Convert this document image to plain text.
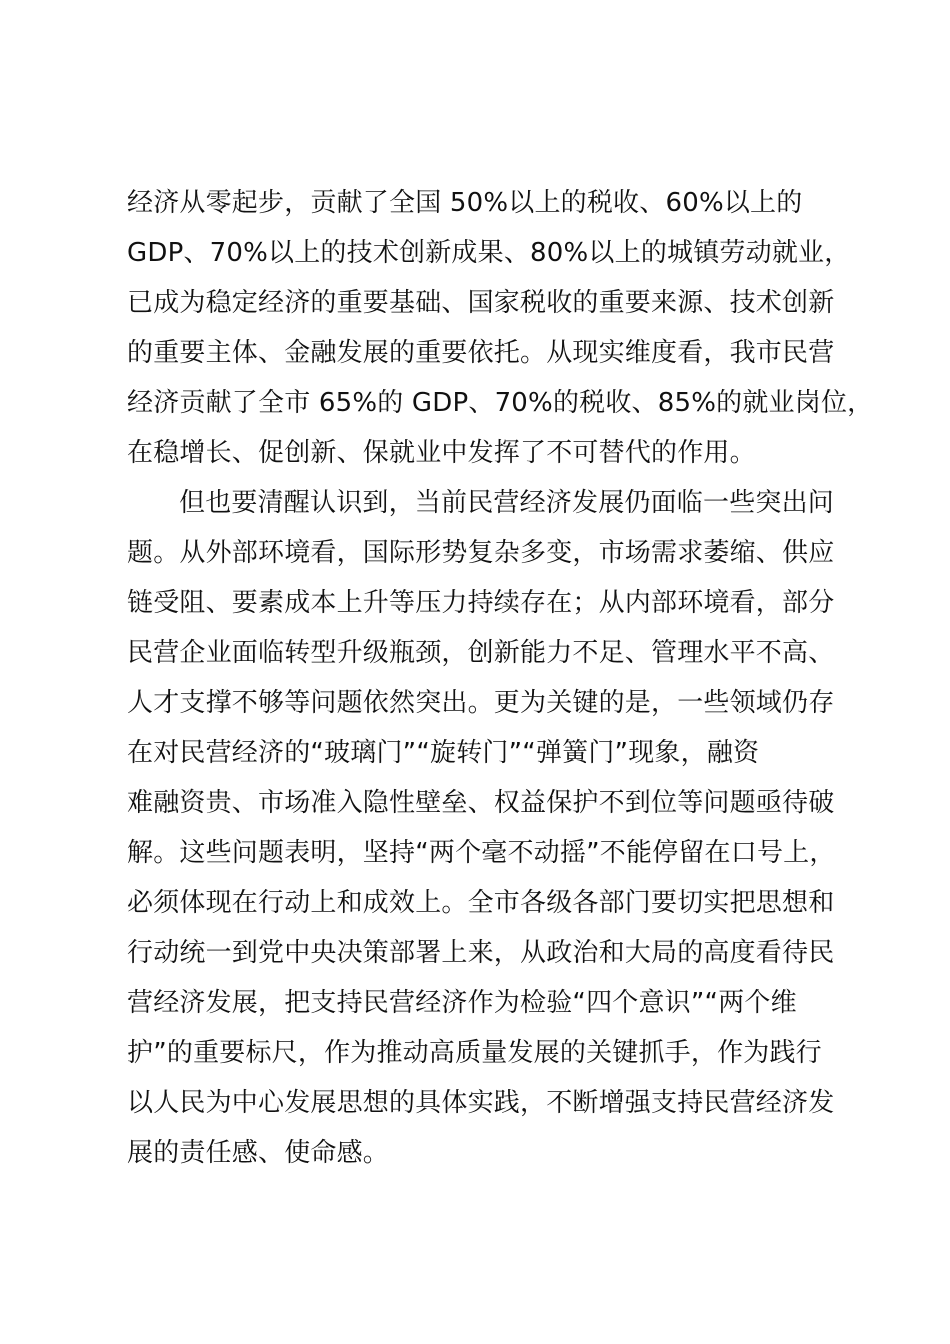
经济从零起步，贡献了全国 50%以上的税收、60%以上的
GDP、70%以上的技术创新成果、80%以上的城镇劳动就业，
已成为稳定经济的重要基础、国家税收的重要来源、技术创新
的重要主体、金融发展的重要依托。从现实维度看，我市民营
经济贡献了全市 65%的 GDP、70%的税收、85%的就业岗位，
在稳增长、促创新、保就业中发挥了不可替代的作用。
但也要清醒认识到，当前民营经济发展仍面临一些突出问
题。从外部环境看，国际形势复杂多变，市场需求萎缩、供应
链受阻、要素成本上升等压力持续存在；从内部环境看，部分
民营企业面临转型升级瓶颈，创新能力不足、管理水平不高、
人才支撑不够等问题依然突出。更为关键的是，一些领域仍存
在对民营经济的“玻璃门”“旋转门”“弹簧门”现象，融资
难融资贵、市场准入隐性壁垒、权益保护不到位等问题亟待破
解。这些问题表明，坚持“两个毫不动摇”不能停留在口号上，
必须体现在行动上和成效上。全市各级各部门要切实把思想和
行动统一到党中央决策部署上来，从政治和大局的高度看待民
营经济发展，把支持民营经济作为检验“四个意识”“两个维
护”的重要标尺，作为推动高质量发展的关键抓手，作为践行
以人民为中心发展思想的具体实践，不断增强支持民营经济发
展的责任感、使命感。
